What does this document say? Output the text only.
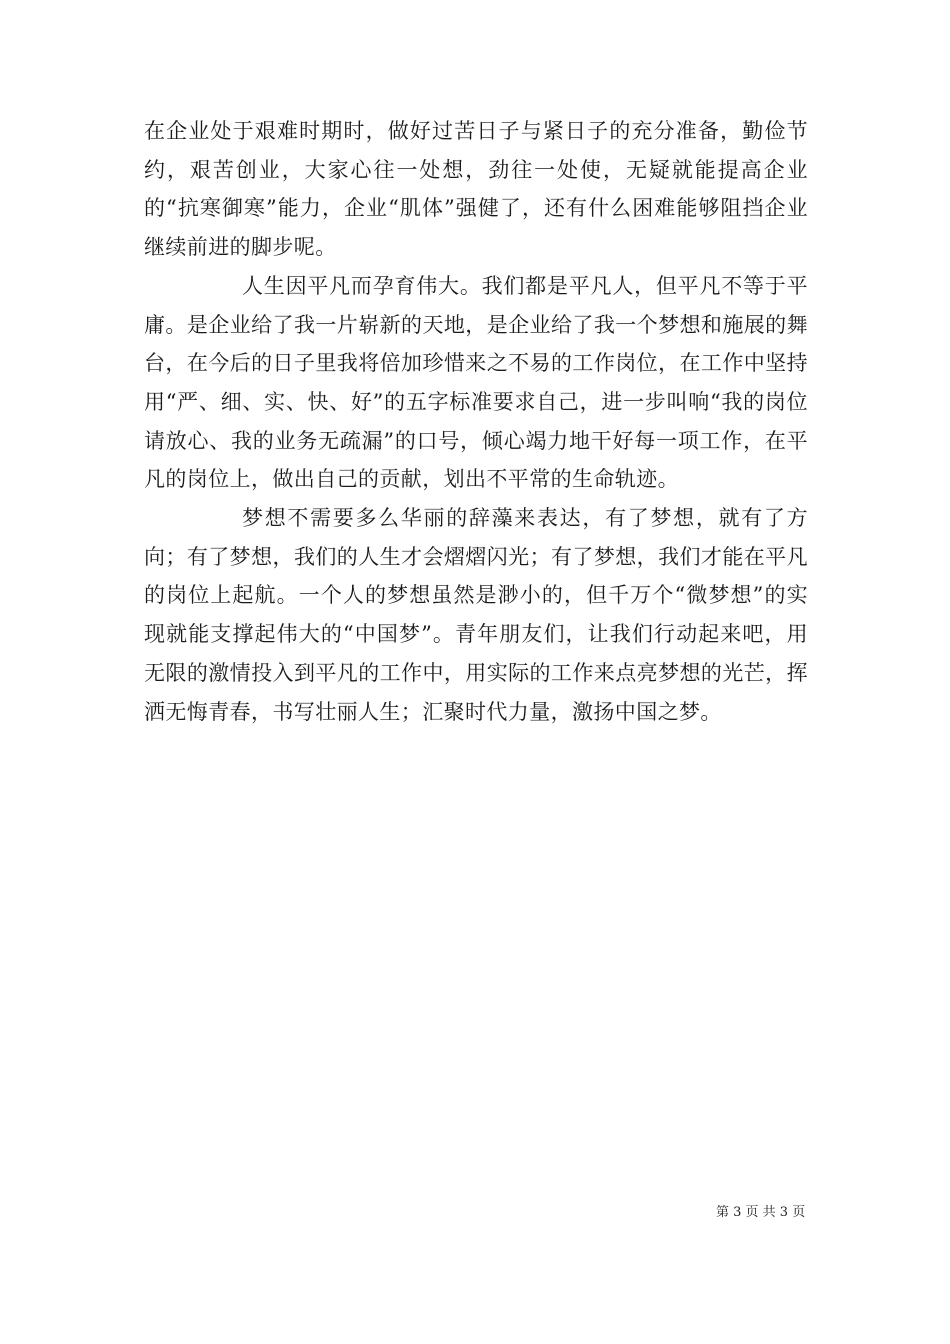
在企业处于艰难时期时，做好过苦日子与紧日子的充分准备，勤俭节约，艰苦创业，大家心往一处想，劲往一处使，无疑就能提高企业的“抗寒御寒”能力，企业“肌体”强健了，还有什么困难能够阻挡企业继续前进的脚步呢。

人生因平凡而孕育伟大。我们都是平凡人，但平凡不等于平庸。是企业给了我一片崭新的天地，是企业给了我一个梦想和施展的舞台，在今后的日子里我将倍加珍惜来之不易的工作岗位，在工作中坚持用“严、细、实、快、好”的五字标准要求自己，进一步叫响“我的岗位请放心、我的业务无疏漏”的口号，倾心竭力地干好每一项工作，在平凡的岗位上，做出自己的贡献，划出不平常的生命轨迹。

梦想不需要多么华丽的辞藻来表达，有了梦想，就有了方向；有了梦想，我们的人生才会熠熠闪光；有了梦想，我们才能在平凡的岗位上起航。一个人的梦想虽然是渺小的，但千万个“微梦想”的实现就能支撑起伟大的“中国梦”。青年朋友们，让我们行动起来吧，用无限的激情投入到平凡的工作中，用实际的工作来点亮梦想的光芒，挥洒无悔青春，书写壮丽人生；汇聚时代力量，激扬中国之梦。

第 3 页 共 3 页
